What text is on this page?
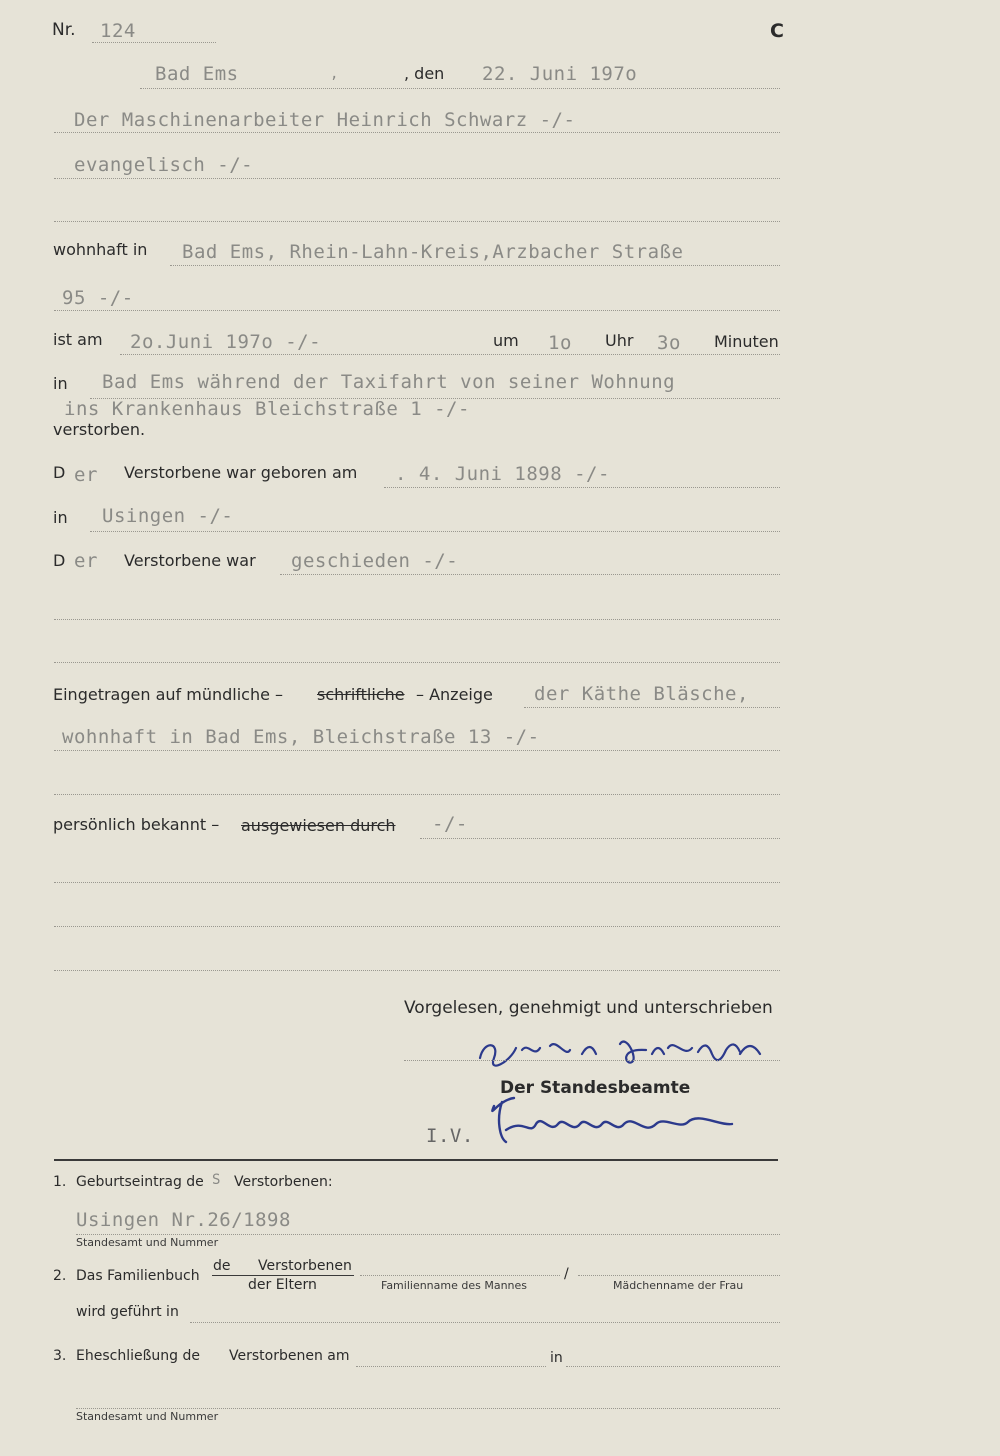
Nr. 124	C
Bad Ems	,	, den 22. Juni 197o
Der Maschinenarbeiter Heinrich Schwarz -/-
evangelisch -/-
wohnhaft in Bad Ems, Rhein-Lahn-Kreis,Arzbacher Straße
95 -/-
ist am 2o.Juni 197o -/-	um 1o Uhr 3o Minuten
in Bad Ems während der Taxifahrt von seiner Wohnung
ins Krankenhaus Bleichstraße 1 -/-
verstorben.
D er Verstorbene war geboren am . 4. Juni 1898 -/-
in Usingen -/-
D er Verstorbene war geschieden -/-
Eingetragen auf mündliche – schriftliche – Anzeige der Käthe Bläsche,
wohnhaft in Bad Ems, Bleichstraße 13 -/-
persönlich bekannt – ausgewiesen durch -/-
Vorgelesen, genehmigt und unterschrieben
Der Standesbeamte
I.V.
1. Geburtseintrag de S Verstorbenen:
Usingen Nr.26/1898
Standesamt und Nummer
2. Das Familienbuch
de Verstorbenen
der Eltern	Familienname des Mannes
/
Mädchenname der Frau
wird geführt in
3. Eheschließung de Verstorbenen am	in
Standesamt und Nummer
